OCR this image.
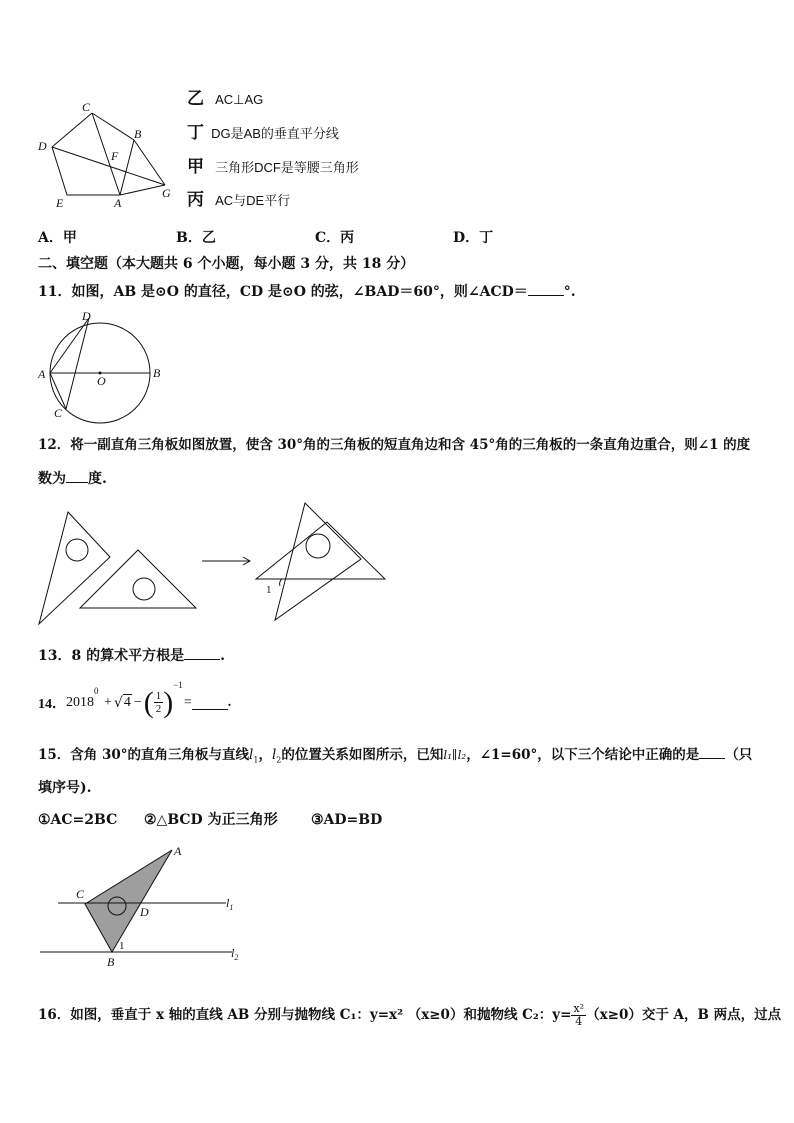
C
B
D
F
E	A
G
乙 AC⊥AG
丁 DG是AB的垂直平分线
甲 三角形DCF是等腰三角形
丙 AC与DE平行
A．甲	B．乙	C．丙	D．丁
二、填空题（本大题共 6 个小题，每小题 3 分，共 18 分）
11．如图，AB 是⊙O 的直径，CD 是⊙O 的弦，∠BAD＝60°，则∠ACD＝	°.
D
A	O
B
C
12．将一副直角三角板如图放置，使含 30°角的三角板的短直角边和含 45°角的三角板的一条直角边重合，则∠1 的度
数为 度.
1
13．8 的算术平方根是	.
14．$2018^0 + √4$ −( $\frac{1}{2} )^{-1}=$	.
15．含角 30°的直角三角板与直线$l_1$，$l_2$的位置关系如图所示，已知l₁∥l₂，∠1=60°，以下三个结论中正确的是 （只
填序号).
①AC=2BC ②△BCD 为正三角形 ③AD=BD
A
C
D
1
B
$l_1$
$l_2$
16．如图，垂直于 x 轴的直线 AB 分别与抛物线 C₁：y=x² （x≥0）和抛物线 C₂：$y= \frac{\text{x²}}{4} (x\ge 0)$交于 A，B 两点，过点
